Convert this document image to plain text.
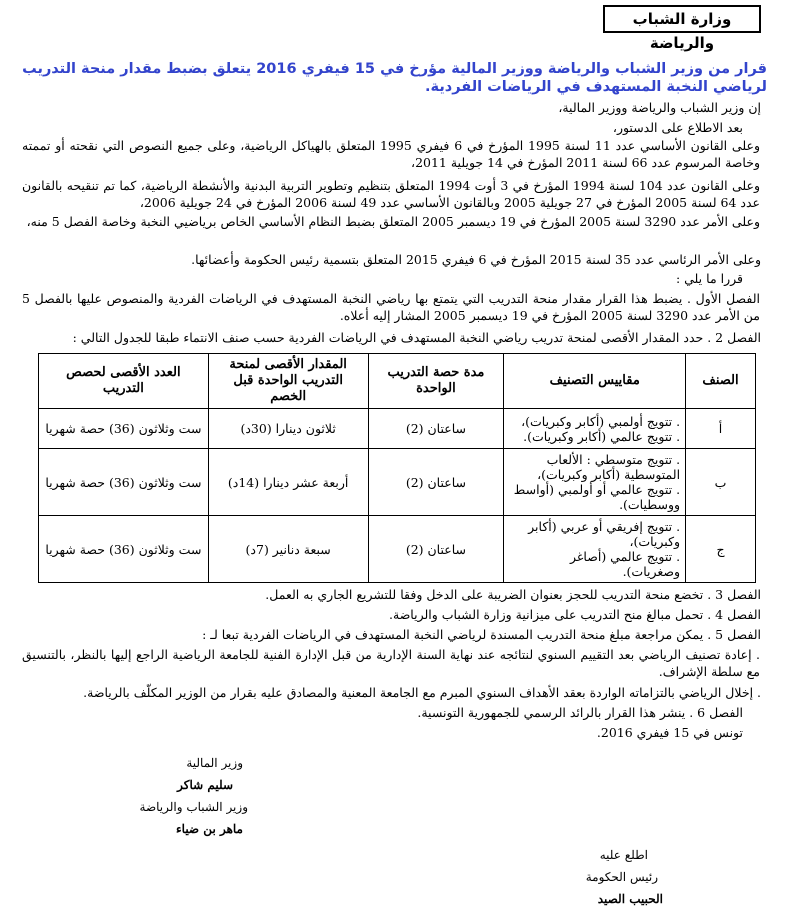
وزارة الشباب والرياضة
قرار من وزير الشباب والرياضة ووزير المالية مؤرخ في 15 فيفري 2016 يتعلق بضبط مقدار منحة التدريب لرياضي النخبة المستهدف في الرياضات الفردية.
إن وزير الشباب والرياضة ووزير المالية،
بعد الاطلاع على الدستور،
وعلى القانون الأساسي عدد 11 لسنة 1995 المؤرخ في 6 فيفري 1995 المتعلق بالهياكل الرياضية، وعلى جميع النصوص التي نقحته أو تممته وخاصة المرسوم عدد 66 لسنة 2011 المؤرخ في 14 جويلية 2011،
وعلى القانون عدد 104 لسنة 1994 المؤرخ في 3 أوت 1994 المتعلق بتنظيم وتطوير التربية البدنية والأنشطة الرياضية، كما تم تنقيحه بالقانون عدد 64 لسنة 2005 المؤرخ في 27 جويلية 2005 وبالقانون الأساسي عدد 49 لسنة 2006 المؤرخ في 24 جويلية 2006،
وعلى الأمر عدد 3290 لسنة 2005 المؤرخ في 19 ديسمبر 2005 المتعلق بضبط النظام الأساسي الخاص برياضيي النخبة وخاصة الفصل 5 منه،
وعلى الأمر الرئاسي عدد 35 لسنة 2015 المؤرخ في 6 فيفري 2015 المتعلق بتسمية رئيس الحكومة وأعضائها.
قررا ما يلي :
الفصل الأول . يضبط هذا القرار مقدار منحة التدريب التي يتمتع بها رياضي النخبة المستهدف في الرياضات الفردية والمنصوص عليها بالفصل 5 من الأمر عدد 3290 لسنة 2005 المؤرخ في 19 ديسمبر 2005 المشار إليه أعلاه.
الفصل 2 . حدد المقدار الأقصى لمنحة تدريب رياضي النخبة المستهدف في الرياضات الفردية حسب صنف الانتماء طبقا للجدول التالي :
الصنف	مقاييس التصنيف	مدة حصة التدريب الواحدة	المقدار الأقصى لمنحة التدريب الواحدة قبل الخصم	العدد الأقصى لحصص التدريب
أ	. تتويج أولمبي (أكابر وكبريات)،
. تتويج عالمي (أكابر وكبريات).	ساعتان (2)	ثلاثون دينارا (30د)	ست وثلاثون (36) حصة شهريا
ب	. تتويج متوسطي : الألعاب المتوسطية (أكابر وكبريات)،
. تتويج عالمي أو أولمبي (أواسط ووسطيات).	ساعتان (2)	أربعة عشر دينارا (14د)	ست وثلاثون (36) حصة شهريا
ج	. تتويج إفريقي أو عربي (أكابر وكبريات)،
. تتويج عالمي (أصاغر وصغريات).	ساعتان (2)	سبعة دنانير (7د)	ست وثلاثون (36) حصة شهريا
الفصل 3 . تخضع منحة التدريب للحجز بعنوان الضريبة على الدخل وفقا للتشريع الجاري به العمل.
الفصل 4 . تحمل مبالغ منح التدريب على ميزانية وزارة الشباب والرياضة.
الفصل 5 . يمكن مراجعة مبلغ منحة التدريب المسندة لرياضي النخبة المستهدف في الرياضات الفردية تبعا لـ :
. إعادة تصنيف الرياضي بعد التقييم السنوي لنتائجه عند نهاية السنة الإدارية من قبل الإدارة الفنية للجامعة الرياضية الراجع إليها بالنظر، بالتنسيق مع سلطة الإشراف.
. إخلال الرياضي بالتزاماته الواردة بعقد الأهداف السنوي المبرم مع الجامعة المعنية والمصادق عليه بقرار من الوزير المكلّف بالرياضة.
الفصل 6 . ينشر هذا القرار بالرائد الرسمي للجمهورية التونسية.
تونس في 15 فيفري 2016.
وزير المالية
سليم شاكر
وزير الشباب والرياضة
ماهر بن ضياء
اطلع عليه
رئيس الحكومة
الحبيب الصيد
